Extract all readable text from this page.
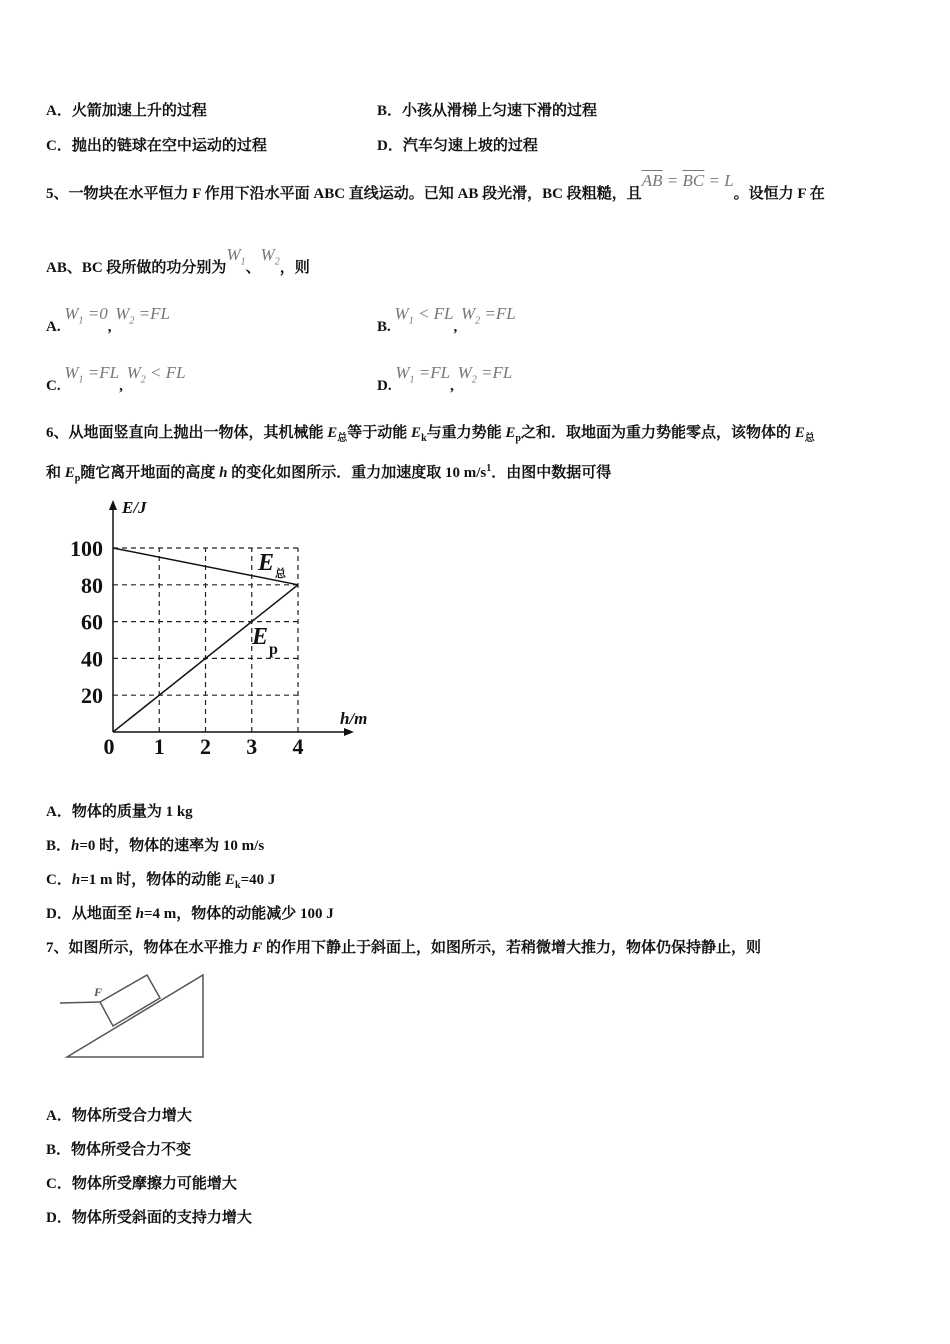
A．火箭加速上升的过程	B．小孩从滑梯上匀速下滑的过程
C．抛出的链球在空中运动的过程	D．汽车匀速上坡的过程
5、一物块在水平恒力 F 作用下沿水平面 ABC 直线运动。已知 AB 段光滑，BC 段粗糙，且$\overline{AB} = \overline{BC} = L$。设恒力 F 在
AB、BC 段所做的功分别为$W_1$、$W_2$，则
A. $W_1 =0$, $W_2 =FL$
B. $W_1$ < FL, $W_2 =FL$
C. $W_1 =FL$, $W_2$ < FL
D. $W_1 =FL$, $W_2 =FL$
6、从地面竖直向上抛出一物体，其机械能 $E_总$等于动能 $E_k$与重力势能 $E_p$之和．取地面为重力势能零点，该物体的 $E_总$
和 $E_p$随它离开地面的高度 h 的变化如图所示．重力加速度取 10 $m/s^1$．由图中数据可得
20
40
60
80
100
0 1 2 3 4
E/J
h/m
E 总
E p
A．物体的质量为 1 kg
B．h=0 时，物体的速率为 10 m/s
C．h=1 m 时，物体的动能 $E_k=40$ J
D．从地面至 h=4 m，物体的动能减少 100 J
7、如图所示，物体在水平推力 F 的作用下静止于斜面上，如图所示，若稍微增大推力，物体仍保持静止，则
F
A．物体所受合力增大
B．物体所受合力不变
C．物体所受摩擦力可能增大
D．物体所受斜面的支持力增大
